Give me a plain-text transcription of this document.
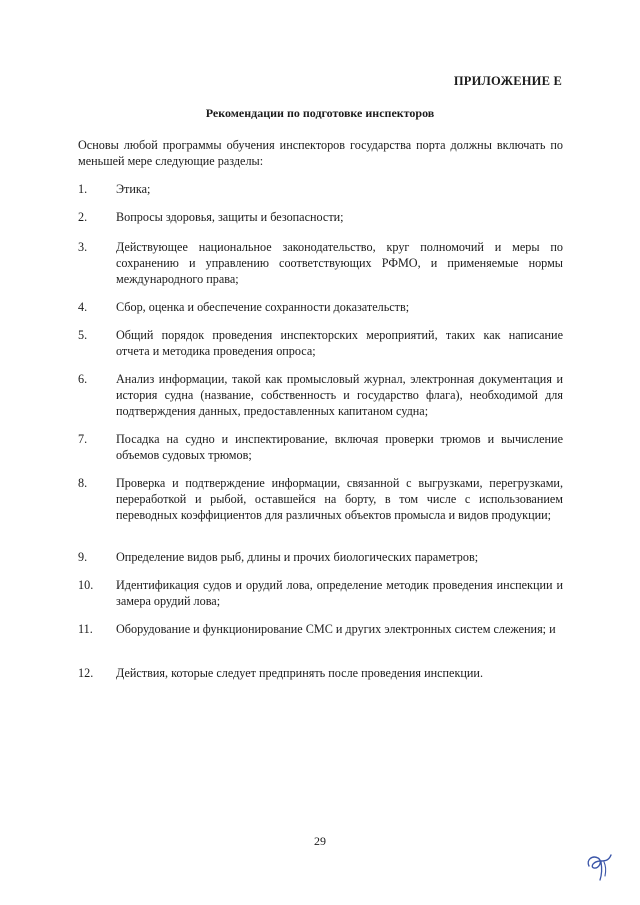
ПРИЛОЖЕНИЕ Е
Рекомендации по подготовке инспекторов
Основы любой программы обучения инспекторов государства порта должны включать по меньшей мере следующие разделы:
1.	Этика;
2.	Вопросы здоровья, защиты и безопасности;
3.	Действующее национальное законодательство, круг полномочий и меры по сохранению и управлению соответствующих РФМО, и применяемые нормы международного права;
4.	Сбор, оценка и обеспечение сохранности доказательств;
5.	Общий порядок проведения инспекторских мероприятий, таких как написание отчета и методика проведения опроса;
6.	Анализ информации, такой как промысловый журнал, электронная документация и история судна (название, собственность и государство флага), необходимой для подтверждения данных, предоставленных капитаном судна;
7.	Посадка на судно и инспектирование, включая проверки трюмов и вычисление объемов судовых трюмов;
8.	Проверка и подтверждение информации, связанной с выгрузками, перегрузками, переработкой и рыбой, оставшейся на борту, в том числе с использованием переводных коэффициентов для различных объектов промысла и видов продукции;
9.	Определение видов рыб, длины и прочих биологических параметров;
10.	Идентификация судов и орудий лова, определение методик проведения инспекции и замера орудий лова;
11.	Оборудование и функционирование СМС и других электронных систем слежения; и
12.	Действия, которые следует предпринять после проведения инспекции.
29
